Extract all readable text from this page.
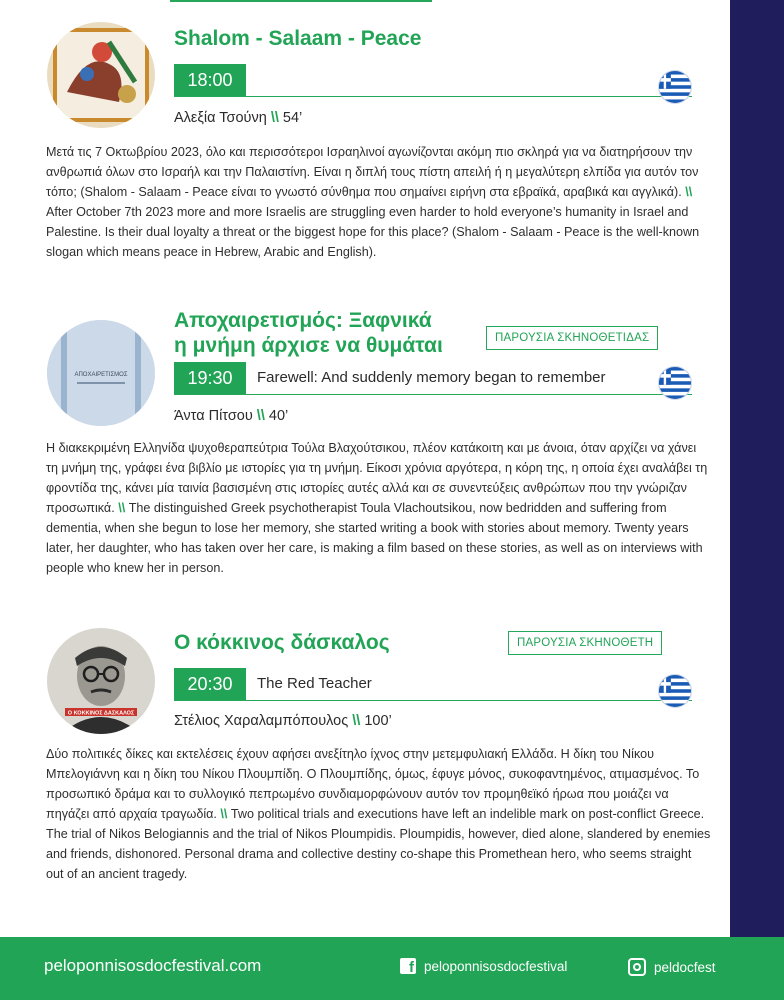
Shalom - Salaam - Peace
18:00
Αλεξία Τσούνη \\ 54’

Μετά τις 7 Οκτωβρίου 2023, όλο και περισσότεροι Ισραηλινοί αγωνίζονται ακόμη πιο σκληρά για να διατηρήσουν την ανθρωπιά όλων στο Ισραήλ και την Παλαιστίνη. Είναι η διπλή τους πίστη απειλή ή η μεγαλύτερη ελπίδα για αυτόν τον τόπο; (Shalom - Salaam - Peace είναι το γνωστό σύνθημα που σημαίνει ειρήνη στα εβραϊκά, αραβικά και αγγλικά). \\ After October 7th 2023 more and more Israelis are struggling even harder to hold everyone’s humanity in Israel and Palestine. Is their dual loyalty a threat or the biggest hope for this place? (Shalom - Salaam - Peace is the well-known slogan which means peace in Hebrew, Arabic and English).

ΑΠΟΧΑΙΡΕΤΙΣΜΟΣ
Αποχαιρετισμός: Ξαφνικά
η μνήμη άρχισε να θυμάται	ΠΑΡΟΥΣΙΑ ΣΚΗΝΟΘΕΤΙΔΑΣ
19:30	Farewell: And suddenly memory began to remember
Άντα Πίτσου \\ 40’

Η διακεκριμένη Ελληνίδα ψυχοθεραπεύτρια Τούλα Βλαχούτσικου, πλέον κατάκοιτη και με άνοια, όταν αρχίζει να χάνει τη μνήμη της, γράφει ένα βιβλίο με ιστορίες για τη μνήμη. Είκοσι χρόνια αργότερα, η κόρη της, η οποία έχει αναλάβει τη φροντίδα της, κάνει μία ταινία βασισμένη στις ιστορίες αυτές αλλά και σε συνεντεύξεις ανθρώπων που την γνώριζαν προσωπικά. \\ The distinguished Greek psychotherapist Toula Vlachoutsikou, now bedridden and suffering from dementia, when she begun to lose her memory, she started writing a book with stories about memory. Twenty years later, her daughter, who has taken over her care, is making a film based on these stories, as well as on interviews with people who knew her in person.

Ο ΚΟΚΚΙΝΟΣ ΔΑΣΚΑΛΟΣ
Ο κόκκινος δάσκαλος	ΠΑΡΟΥΣΙΑ ΣΚΗΝΟΘΕΤΗ
20:30	The Red Teacher
Στέλιος Χαραλαμπόπουλος \\ 100’

Δύο πολιτικές δίκες και εκτελέσεις έχουν αφήσει ανεξίτηλο ίχνος στην μετεμφυλιακή Ελλάδα. Η δίκη του Νίκου Μπελογιάννη και η δίκη του Νίκου Πλουμπίδη. Ο Πλουμπίδης, όμως, έφυγε μόνος, συκοφαντημένος, ατιμασμένος. Το προσωπικό δράμα και το συλλογικό πεπρωμένο συνδιαμορφώνουν αυτόν τον προμηθεϊκό ήρωα που μοιάζει να πηγάζει από αρχαία τραγωδία. \\ Two political trials and executions have left an indelible mark on post-conflict Greece. The trial of Nikos Belogiannis and the trial of Nikos Ploumpidis. Ploumpidis, however, died alone, slandered by enemies and friends, dishonored. Personal drama and collective destiny co-shape this Promethean hero, who seems straight out of an ancient tragedy.

peloponnisosdocfestival.com
f	peloponnisosdocfestival	peldocfest
